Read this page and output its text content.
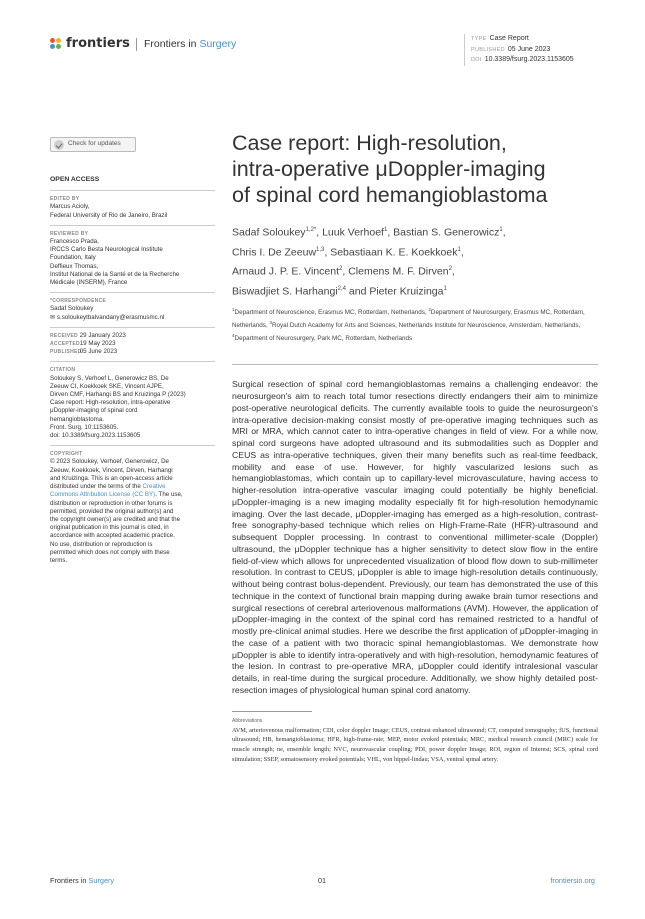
frontiers	Frontiers in Surgery	TYPE Case Report
PUBLISHED 05 June 2023
DOI 10.3389/fsurg.2023.1153605
Check for updates
OPEN ACCESS
EDITED BY
Marcus Acioly,
Federal University of Rio de Janeiro, Brazil
REVIEWED BY
Francesco Prada,
IRCCS Carlo Besta Neurological Institute
Foundation, Italy
Deffieux Thomas,
Institut National de la Santé et de la Recherche
Médicale (INSERM), France
*CORRESPONDENCE
Sadaf Soloukey
✉ s.soloukeytbalvandany@erasmusmc.nl
RECEIVED 29 January 2023
ACCEPTED 19 May 2023
PUBLISHED 05 June 2023
CITATION
Soloukey S, Verhoef L, Generowicz BS, De
Zeeuw CI, Koekkoek SKE, Vincent AJPE,
Dirven CMF, Harhangi BS and Kruizinga P (2023)
Case report: High-resolution, intra-operative
μDoppler-imaging of spinal cord
hemangioblastoma.
Front. Surg. 10:1153605.
doi: 10.3389/fsurg.2023.1153605
COPYRIGHT
© 2023 Soloukey, Verhoef, Generowicz, De
Zeeuw, Koekkoek, Vincent, Dirven, Harhangi
and Kruizinga. This is an open-access article
distributed under the terms of the Creative
Commons Attribution License (CC BY). The use,
distribution or reproduction in other forums is
permitted, provided the original author(s) and
the copyright owner(s) are credited and that the
original publication in this journal is cited, in
accordance with accepted academic practice.
No use, distribution or reproduction is
permitted which does not comply with these
terms.
Case report: High-resolution,
intra-operative μDoppler-imaging
of spinal cord hemangioblastoma
Sadaf Soloukey$^{1,2*}$, Luuk Verhoef$^1$, Bastian S. Generowicz$^1$,
Chris I. De Zeeuw$^{1,3}$, Sebastiaan K. E. Koekkoek$^1$,
Arnaud J. P. E. Vincent$^2$, Clemens M. F. Dirven$^2$,
Biswadjiet S. Harhangi$^{2,4}$ and Pieter Kruizinga$^1$
$^1$Department of Neuroscience, Erasmus MC, Rotterdam, Netherlands, $^2$Department of Neurosurgery, Erasmus MC, Rotterdam, Netherlands, $^3$Royal Dutch Academy for Arts and Sciences, Netherlands Institute for Neuroscience, Amsterdam, Netherlands, $^4$Department of Neurosurgery, Park MC, Rotterdam, Netherlands

Surgical resection of spinal cord hemangioblastomas remains a challenging endeavor: the neurosurgeon's aim to reach total tumor resections directly endangers their aim to minimize post-operative neurological deficits. The currently available tools to guide the neurosurgeon's intra-operative decision-making consist mostly of pre-operative imaging techniques such as MRI or MRA, which cannot cater to intra-operative changes in field of view. For a while now, spinal cord surgeons have adopted ultrasound and its submodalities such as Doppler and CEUS as intra-operative techniques, given their many benefits such as real-time feedback, mobility and ease of use. However, for highly vascularized lesions such as hemangioblastomas, which contain up to capillary-level microvasculature, having access to higher-resolution intra-operative vascular imaging could potentially be highly beneficial. μDoppler-imaging is a new imaging modality especially fit for high-resolution hemodynamic imaging. Over the last decade, μDoppler-imaging has emerged as a high-resolution, contrast-free sonography-based technique which relies on High-Frame-Rate (HFR)-ultrasound and subsequent Doppler processing. In contrast to conventional millimeter-scale (Doppler) ultrasound, the μDoppler technique has a higher sensitivity to detect slow flow in the entire field-of-view which allows for unprecedented visualization of blood flow down to sub-millimeter resolution. In contrast to CEUS, μDoppler is able to image high-resolution details continuously, without being contrast bolus-dependent. Previously, our team has demonstrated the use of this technique in the context of functional brain mapping during awake brain tumor resections and surgical resections of cerebral arteriovenous malformations (AVM). However, the application of μDoppler-imaging in the context of the spinal cord has remained restricted to a handful of mostly pre-clinical animal studies. Here we describe the first application of μDoppler-imaging in the case of a patient with two thoracic spinal hemangioblastomas. We demonstrate how μDoppler is able to identify intra-operatively and with high-resolution, hemodynamic features of the lesion. In contrast to pre-operative MRA, μDoppler could identify intralesional vascular details, in real-time during the surgical procedure. Additionally, we show highly detailed post-resection images of physiological human spinal cord anatomy.

Abbreviations

AVM, arteriovenous malformation; CDI, color doppler Image; CEUS, contrast enhanced ultrasound; CT, computed tomography; fUS, functional ultrasound; HB, hemangioblastoma; HFR, high-frame-rate; MEP, motor evoked potentials; MRC, medical research council (MRC) scale for muscle strength; ne, ensemble length; NVC, neurovascular coupling; PDI, power doppler Image; ROI, region of Interest; SCS, spinal cord stimulation; SSEP, somatosensory evoked potentials; VHL, von hippel-lindau; VSA, ventral spinal artery.

Frontiers in Surgery	01	frontiersin.org
